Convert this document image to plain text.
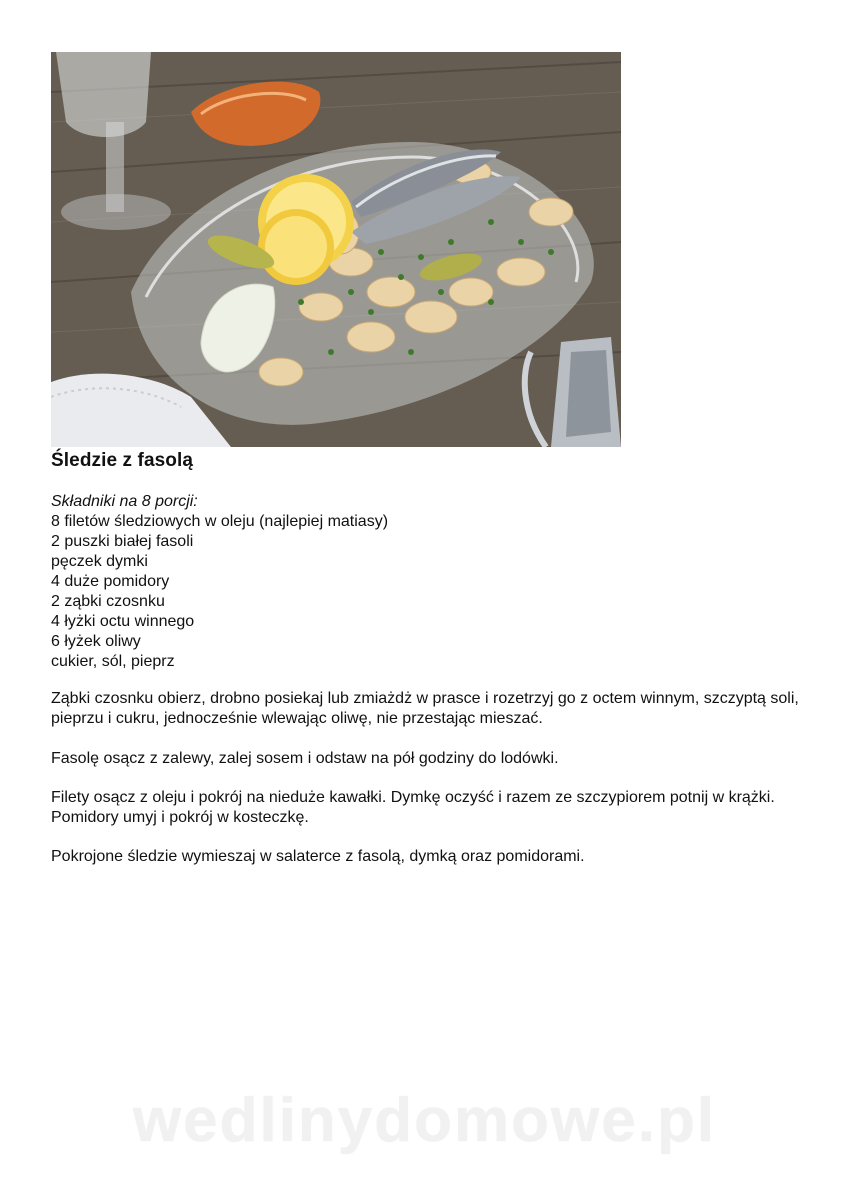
Śledzie z fasolą
Składniki na 8 porcji:
8 filetów śledziowych w oleju (najlepiej matiasy)
2 puszki białej fasoli
pęczek dymki
4 duże pomidory
2 ząbki czosnku
4 łyżki octu winnego
6 łyżek oliwy
cukier, sól, pieprz

Ząbki czosnku obierz, drobno posiekaj lub zmiażdż w prasce i rozetrzyj go z octem winnym, szczyptą soli, pieprzu i cukru, jednocześnie wlewając oliwę, nie przestając mieszać.

Fasolę osącz z zalewy, zalej sosem i odstaw na pół godziny do lodówki.

Filety osącz z oleju i pokrój na nieduże kawałki. Dymkę oczyść i razem ze szczypiorem potnij w krążki. Pomidory umyj i pokrój w kosteczkę.

Pokrojone śledzie wymieszaj w salaterce z fasolą, dymką oraz pomidorami.

wedlinydomowe.pl
